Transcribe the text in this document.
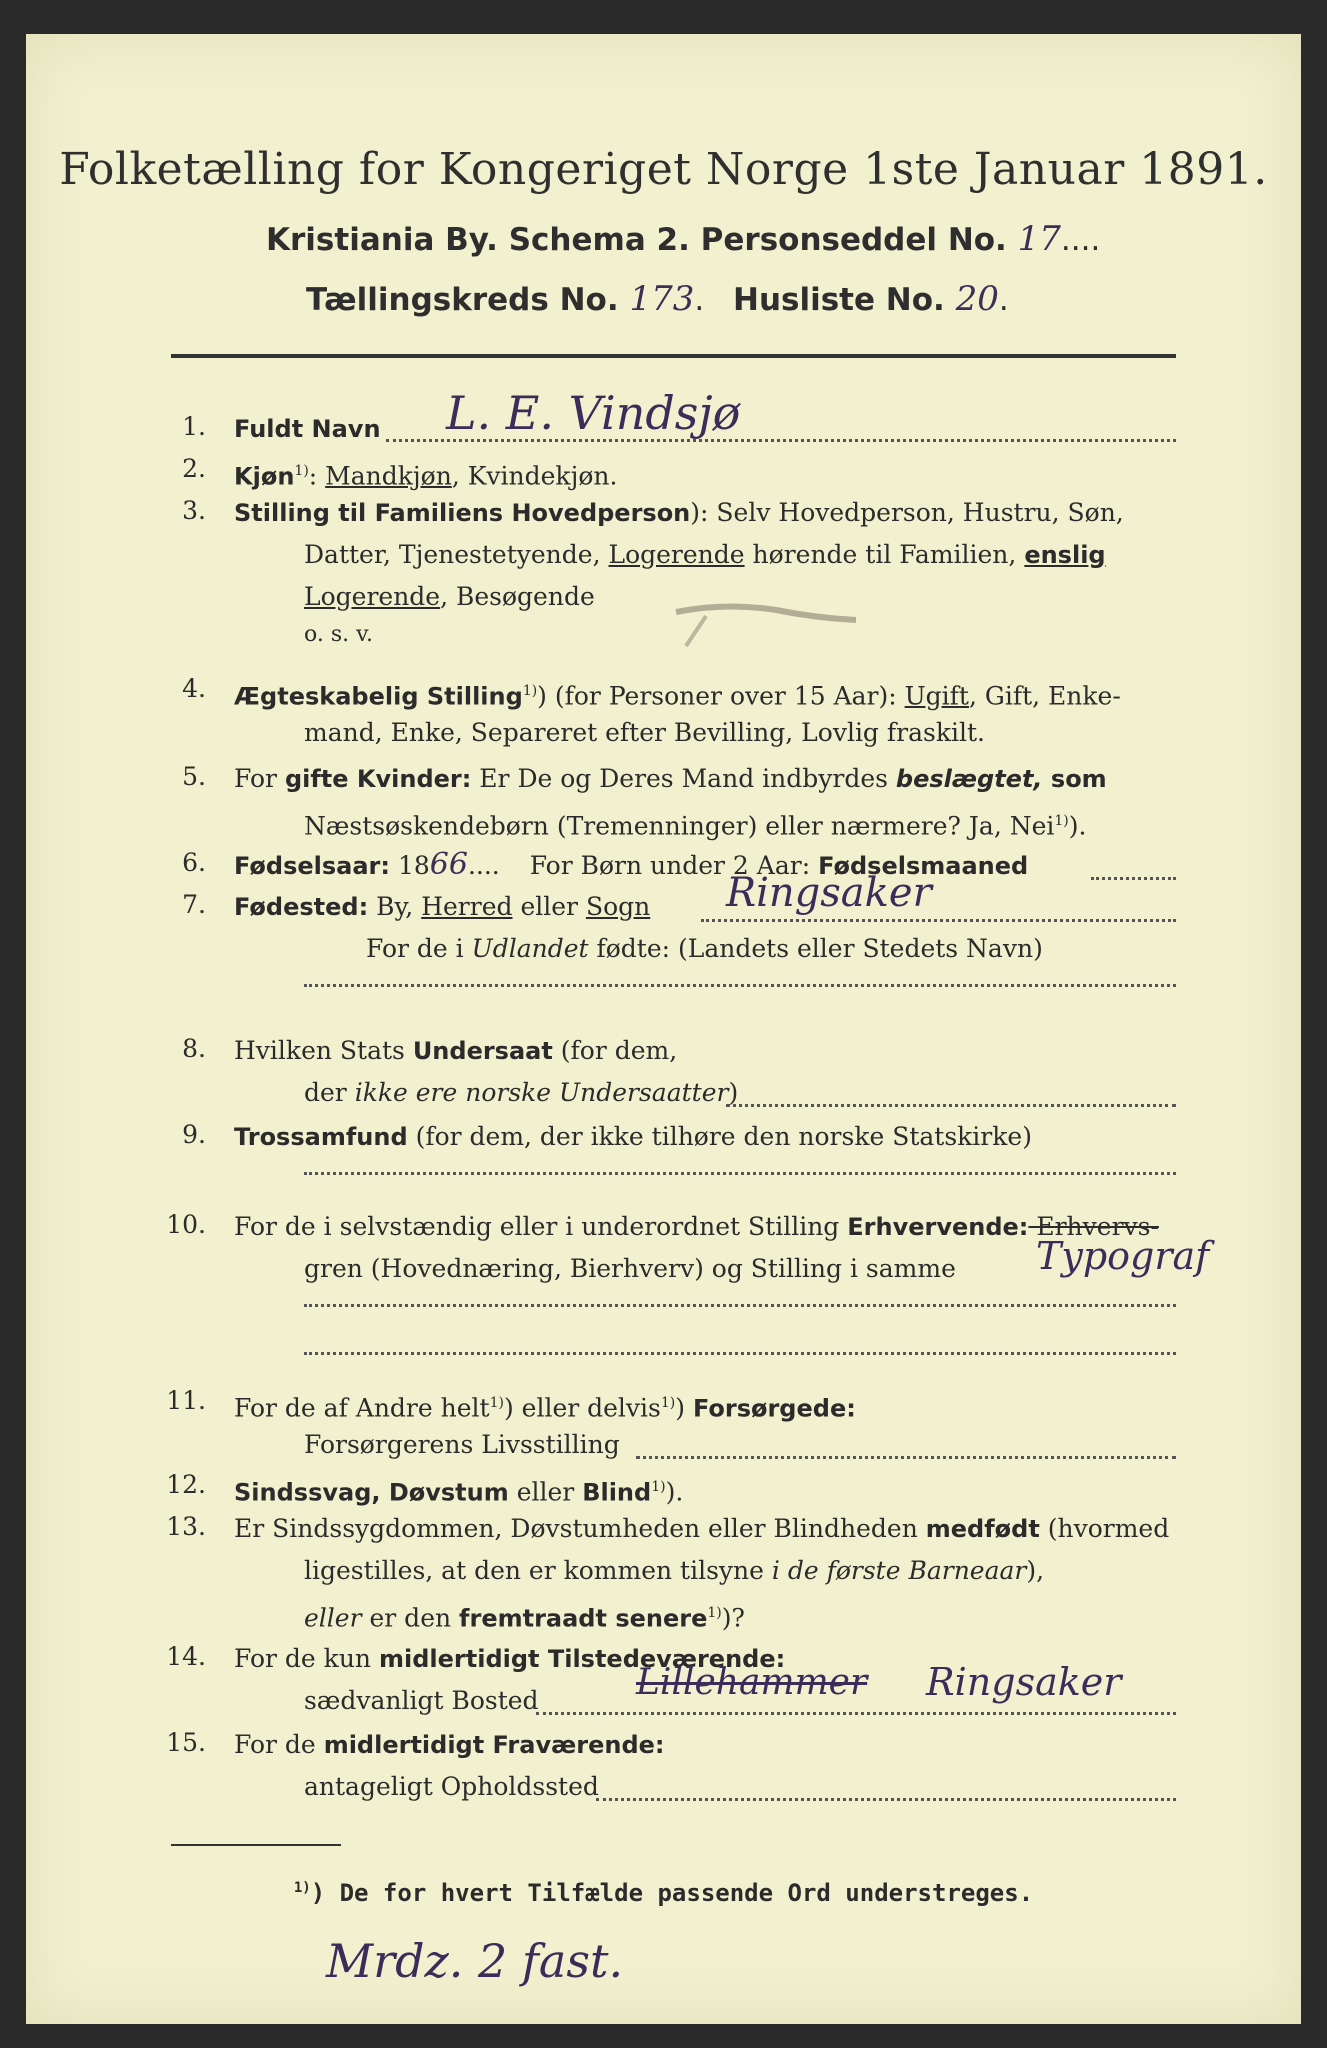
Folketælling for Kongeriget Norge 1ste Januar 1891.
Kristiania By. Schema 2. Personseddel No. 17....
Tællingskreds No. 173. Husliste No. 20.
1. Fuldt Navn L. E. Vindsjø
2. Kjøn$^{1)}$: Mandkjøn, Kvindekjøn.
3. Stilling til Familiens Hovedperson): Selv Hovedperson, Hustru, Søn,
Datter, Tjenestetyende, Logerende hørende til Familien, enslig
Logerende, Besøgende
o. s. v.
4. Ægteskabelig Stilling$^{1)}$) (for Personer over 15 Aar): Ugift, Gift, Enke-
mand, Enke, Separeret efter Bevilling, Lovlig fraskilt.
5. For gifte Kvinder: Er De og Deres Mand indbyrdes beslægtet, som
Næstsøskendebørn (Tremenninger) eller nærmere? Ja, Nei$^{1)}$).
6. Fødselsaar: 1866.... For Børn under 2 Aar: Fødselsmaaned
7. Fødested: By, Herred eller Sogn Ringsaker
For de i Udlandet fødte: (Landets eller Stedets Navn)
8. Hvilken Stats Undersaat (for dem,
der ikke ere norske Undersaatter)
9. Trossamfund (for dem, der ikke tilhøre den norske Statskirke)
10. For de i selvstændig eller i underordnet Stilling Erhvervende: Erhvervs-
gren (Hovednæring, Bierhverv) og Stilling i samme Typograf
11. For de af Andre helt$^{1)}$) eller delvis$^{1)}$) Forsørgede:
Forsørgerens Livsstilling
12. Sindssvag, Døvstum eller Blind$^{1)}$).
13. Er Sindssygdommen, Døvstumheden eller Blindheden medfødt (hvormed
ligestilles, at den er kommen tilsyne i de første Barneaar),
eller er den fremtraadt senere$^{1)}$)?
14. For de kun midlertidigt Tilstedeværende:
sædvanligt Bosted	Lillehammer Ringsaker
15. For de midlertidigt Fraværende:
antageligt Opholdssted
$^{1)}$) De for hvert Tilfælde passende Ord understreges.
Mrdz. 2 fast.
